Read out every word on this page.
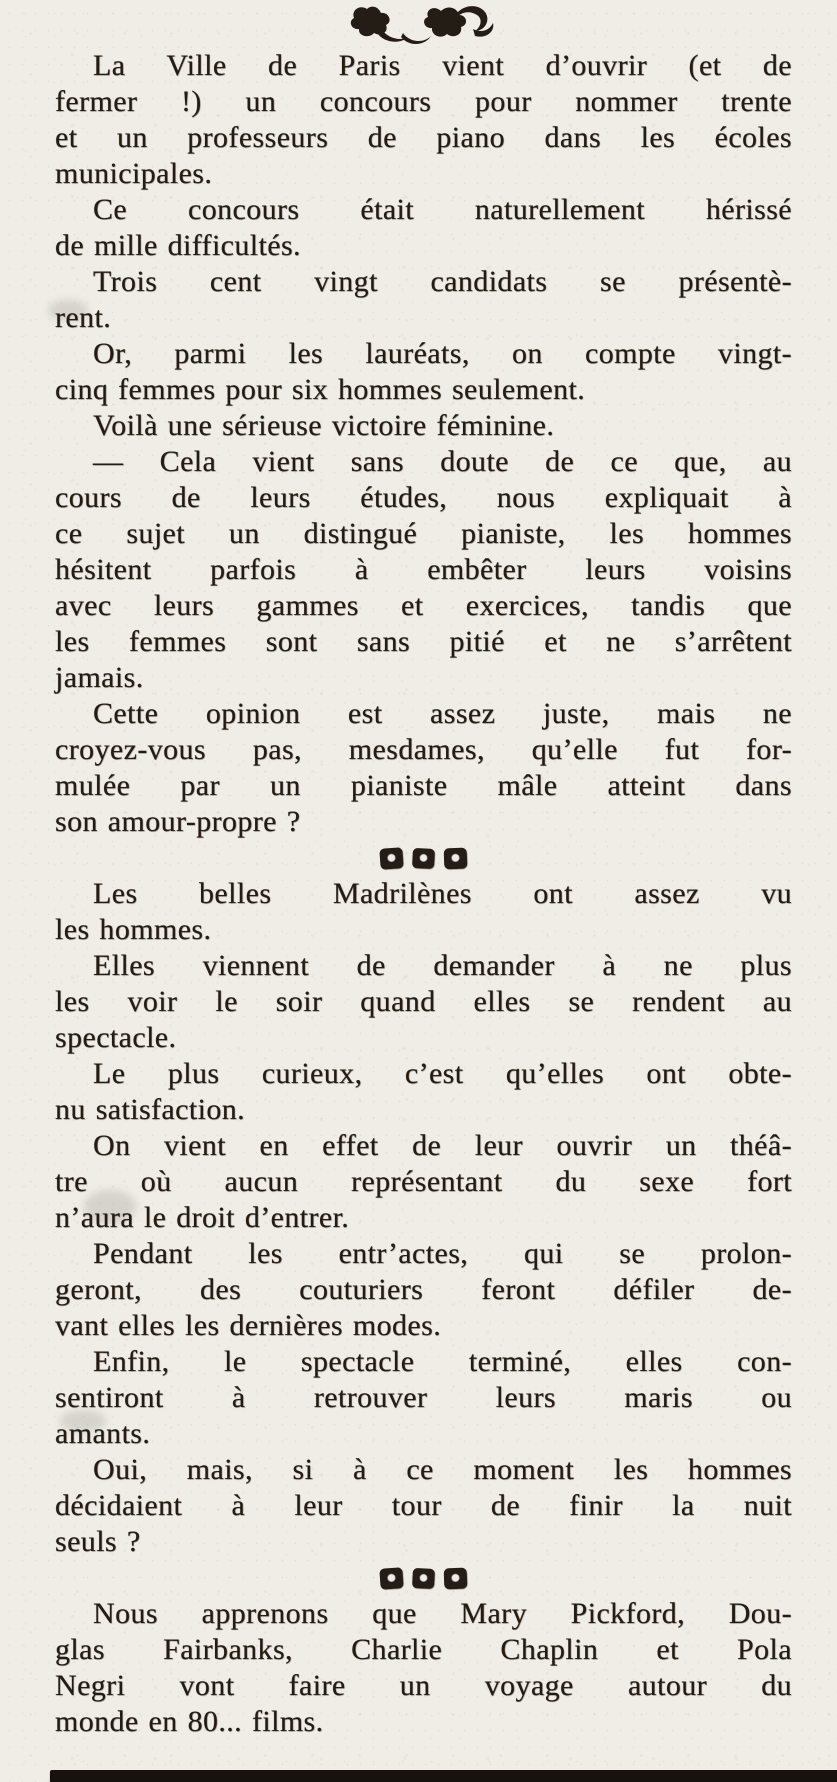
La Ville de Paris vient d’ouvrir (et de
fermer !) un concours pour nommer trente
et un professeurs de piano dans les écoles
municipales.
Ce concours était naturellement hérissé
de mille difficultés.
Trois cent vingt candidats se présentè-
rent.
Or, parmi les lauréats, on compte vingt-
cinq femmes pour six hommes seulement.
Voilà une sérieuse victoire féminine.
— Cela vient sans doute de ce que, au
cours de leurs études, nous expliquait à
ce sujet un distingué pianiste, les hommes
hésitent parfois à embêter leurs voisins
avec leurs gammes et exercices, tandis que
les femmes sont sans pitié et ne s’arrêtent
jamais.
Cette opinion est assez juste, mais ne
croyez-vous pas, mesdames, qu’elle fut for-
mulée par un pianiste mâle atteint dans
son amour-propre ?
Les belles Madrilènes ont assez vu
les hommes.
Elles viennent de demander à ne plus
les voir le soir quand elles se rendent au
spectacle.
Le plus curieux, c’est qu’elles ont obte-
nu satisfaction.
On vient en effet de leur ouvrir un théâ-
tre où aucun représentant du sexe fort
n’aura le droit d’entrer.
Pendant les entr’actes, qui se prolon-
geront, des couturiers feront défiler de-
vant elles les dernières modes.
Enfin, le spectacle terminé, elles con-
sentiront à retrouver leurs maris ou
amants.
Oui, mais, si à ce moment les hommes
décidaient à leur tour de finir la nuit
seuls ?
Nous apprenons que Mary Pickford, Dou-
glas Fairbanks, Charlie Chaplin et Pola
Negri vont faire un voyage autour du
monde en 80... films.
